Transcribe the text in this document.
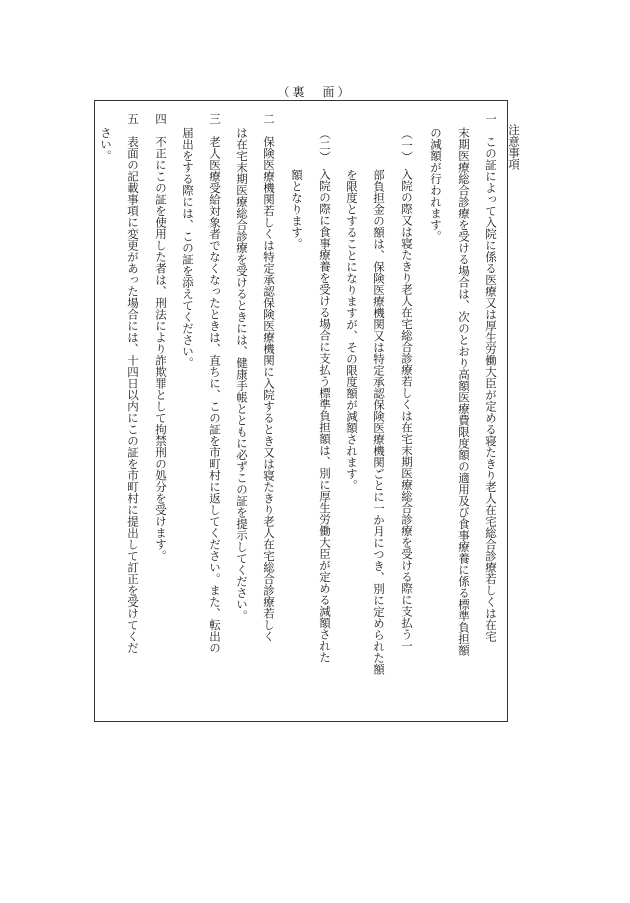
（裏　面）
注意事項
一　この証によって入院に係る医療又は厚生労働大臣が定める寝たきり老人在宅総合診療若しくは在宅
末期医療総合診療を受ける場合は、次のとおり高額医療費限度額の適用及び食事療養に係る標準負担額
の減額が行われます。
（一）　入院の際又は寝たきり老人在宅総合診療若しくは在宅末期医療総合診療を受ける際に支払う一
部負担金の額は、保険医療機関又は特定承認保険医療機関ごとに一か月につき、別に定められた額
を限度とすることになりますが、その限度額が減額されます。
（二）　入院の際に食事療養を受ける場合に支払う標準負担額は、別に厚生労働大臣が定める減額された
額となります。
二　保険医療機関若しくは特定承認保険医療機関に入院するとき又は寝たきり老人在宅総合診療若しく
は在宅末期医療総合診療を受けるときには、健康手帳とともに必ずこの証を提示してください。
三　老人医療受給対象者でなくなったときは、直ちに、この証を市町村に返してください。また、転出の
届出をする際には、この証を添えてください。
四　不正にこの証を使用した者は、刑法により詐欺罪として拘禁刑の処分を受けます。
五　表面の記載事項に変更があった場合には、十四日以内にこの証を市町村に提出して訂正を受けてくだ
さい。
